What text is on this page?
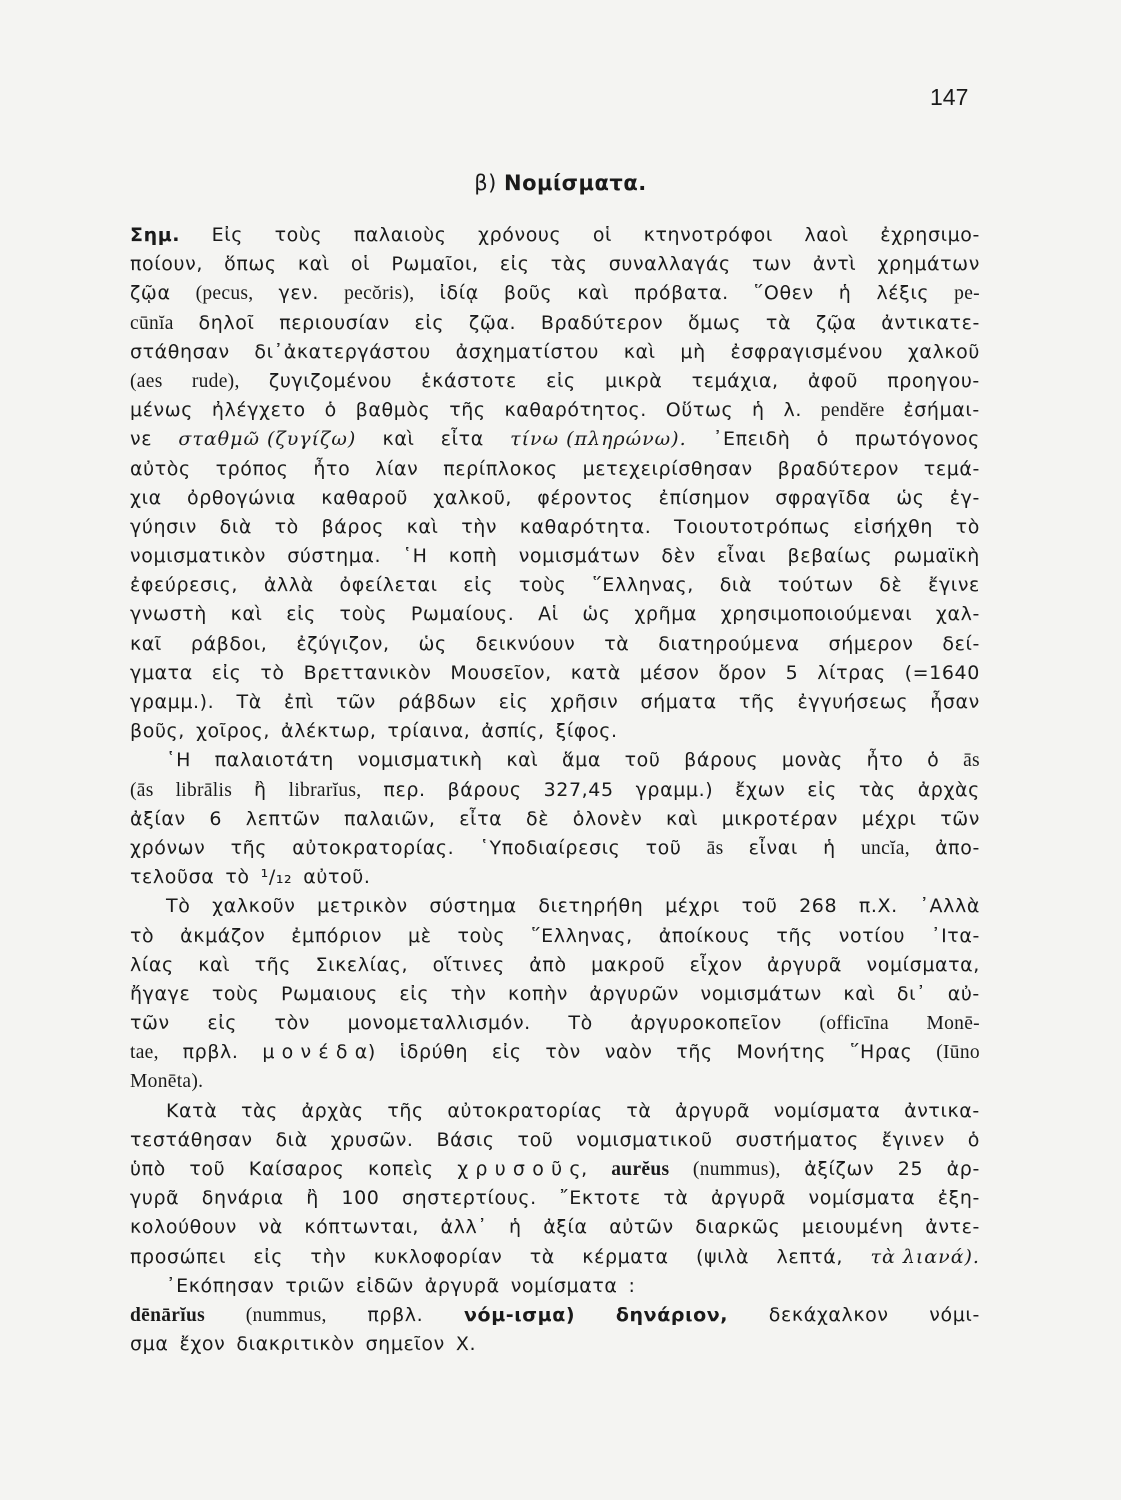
147
β) Νομίσματα.
Σημ. Εἰς τοὺς παλαιοὺς χρόνους οἱ κτηνοτρόφοι λαοὶ ἐχρησιμο-
ποίουν, ὅπως καὶ οἱ Ρωμαῖοι, εἰς τὰς συναλλαγάς των ἀντὶ χρημάτων
ζῷα (pecus, γεν. pecŏris), ἰδίᾳ βοῦς καὶ πρόβατα. ῞Οθεν ἡ λέξις pe-
cūnĭa δηλοῖ περιουσίαν εἰς ζῷα. Βραδύτερον ὅμως τὰ ζῷα ἀντικατε-
στάθησαν δι᾿ἀκατεργάστου ἀσχηματίστου καὶ μὴ ἐσφραγισμένου χαλκοῦ
(aes rude), ζυγιζομένου ἑκάστοτε εἰς μικρὰ τεμάχια, ἀφοῦ προηγου-
μένως ἠλέγχετο ὁ βαθμὸς τῆς καθαρότητος. Οὕτως ἡ λ. pendĕre ἐσήμαι-
νε σταθμῶ (ζυγίζω) καὶ εἶτα τίνω (πληρώνω). ᾿Επειδὴ ὁ πρωτόγονος
αὐτὸς τρόπος ἦτο λίαν περίπλοκος μετεχειρίσθησαν βραδύτερον τεμά-
χια ὀρθογώνια καθαροῦ χαλκοῦ, φέροντος ἐπίσημον σφραγῖδα ὡς ἐγ-
γύησιν διὰ τὸ βάρος καὶ τὴν καθαρότητα. Τοιουτοτρόπως εἰσήχθη τὸ
νομισματικὸν σύστημα. ῾Η κοπὴ νομισμάτων δὲν εἶναι βεβαίως ρωμαϊκὴ
ἐφεύρεσις, ἀλλὰ ὀφείλεται εἰς τοὺς ῞Ελληνας, διὰ τούτων δὲ ἔγινε
γνωστὴ καὶ εἰς τοὺς Ρωμαίους. Αἱ ὡς χρῆμα χρησιμοποιούμεναι χαλ-
καῖ ράβδοι, ἐζύγιζον, ὡς δεικνύουν τὰ διατηρούμενα σήμερον δεί-
γματα εἰς τὸ Βρεττανικὸν Μουσεῖον, κατὰ μέσον ὅρον 5 λίτρας (=1640
γραμμ.). Τὰ ἐπὶ τῶν ράβδων εἰς χρῆσιν σήματα τῆς ἐγγυήσεως ἦσαν
βοῦς, χοῖρος, ἀλέκτωρ, τρίαινα, ἀσπίς, ξίφος.
῾Η παλαιοτάτη νομισματικὴ καὶ ἅμα τοῦ βάρους μονὰς ἦτο ὁ ās
(ās librālis ἢ librarĭus, περ. βάρους 327,45 γραμμ.) ἔχων εἰς τὰς ἀρχὰς
ἀξίαν 6 λεπτῶν παλαιῶν, εἶτα δὲ ὁλονὲν καὶ μικροτέραν μέχρι τῶν
χρόνων τῆς αὐτοκρατορίας. ῾Υποδιαίρεσις τοῦ ās εἶναι ἡ uncĭa, ἀπο-
τελοῦσα τὸ ¹/₁₂ αὐτοῦ.
Τὸ χαλκοῦν μετρικὸν σύστημα διετηρήθη μέχρι τοῦ 268 π.Χ. ᾿Αλλὰ
τὸ ἀκμάζον ἐμπόριον μὲ τοὺς ῞Ελληνας, ἀποίκους τῆς νοτίου ᾿Ιτα-
λίας καὶ τῆς Σικελίας, οἵτινες ἀπὸ μακροῦ εἶχον ἀργυρᾶ νομίσματα,
ἤγαγε τοὺς Ρωμαιους εἰς τὴν κοπὴν ἀργυρῶν νομισμάτων καὶ δι᾿ αὐ-
τῶν εἰς τὸν μονομεταλλισμόν. Τὸ ἀργυροκοπεῖον (officīna Monē-
tae, πρβλ. μ ο ν έ δ α) ἱδρύθη εἰς τὸν ναὸν τῆς Μονήτης ῞Ηρας (Iūno
Monēta).
Κατὰ τὰς ἀρχὰς τῆς αὐτοκρατορίας τὰ ἀργυρᾶ νομίσματα ἀντικα-
τεστάθησαν διὰ χρυσῶν. Βάσις τοῦ νομισματικοῦ συστήματος ἔγινεν ὁ
ὑπὸ τοῦ Καίσαρος κοπεὶς χ ρ υ σ ο ῦ ς, aurĕus (nummus), ἀξίζων 25 ἀρ-
γυρᾶ δηνάρια ἢ 100 σηστερτίους. ῎Εκτοτε τὰ ἀργυρᾶ νομίσματα ἐξη-
κολούθουν νὰ κόπτωνται, ἀλλ᾿ ἡ ἀξία αὐτῶν διαρκῶς μειουμένη ἀντε-
προσώπει εἰς τὴν κυκλοφορίαν τὰ κέρματα (ψιλὰ λεπτά, τὰ λιανά).
᾿Εκόπησαν τριῶν εἰδῶν ἀργυρᾶ νομίσματα :
dēnārĭus (nummus, πρβλ. νόμ-ισμα) δηνάριον, δεκάχαλκον νόμι-
σμα ἔχον διακριτικὸν σημεῖον Χ.
